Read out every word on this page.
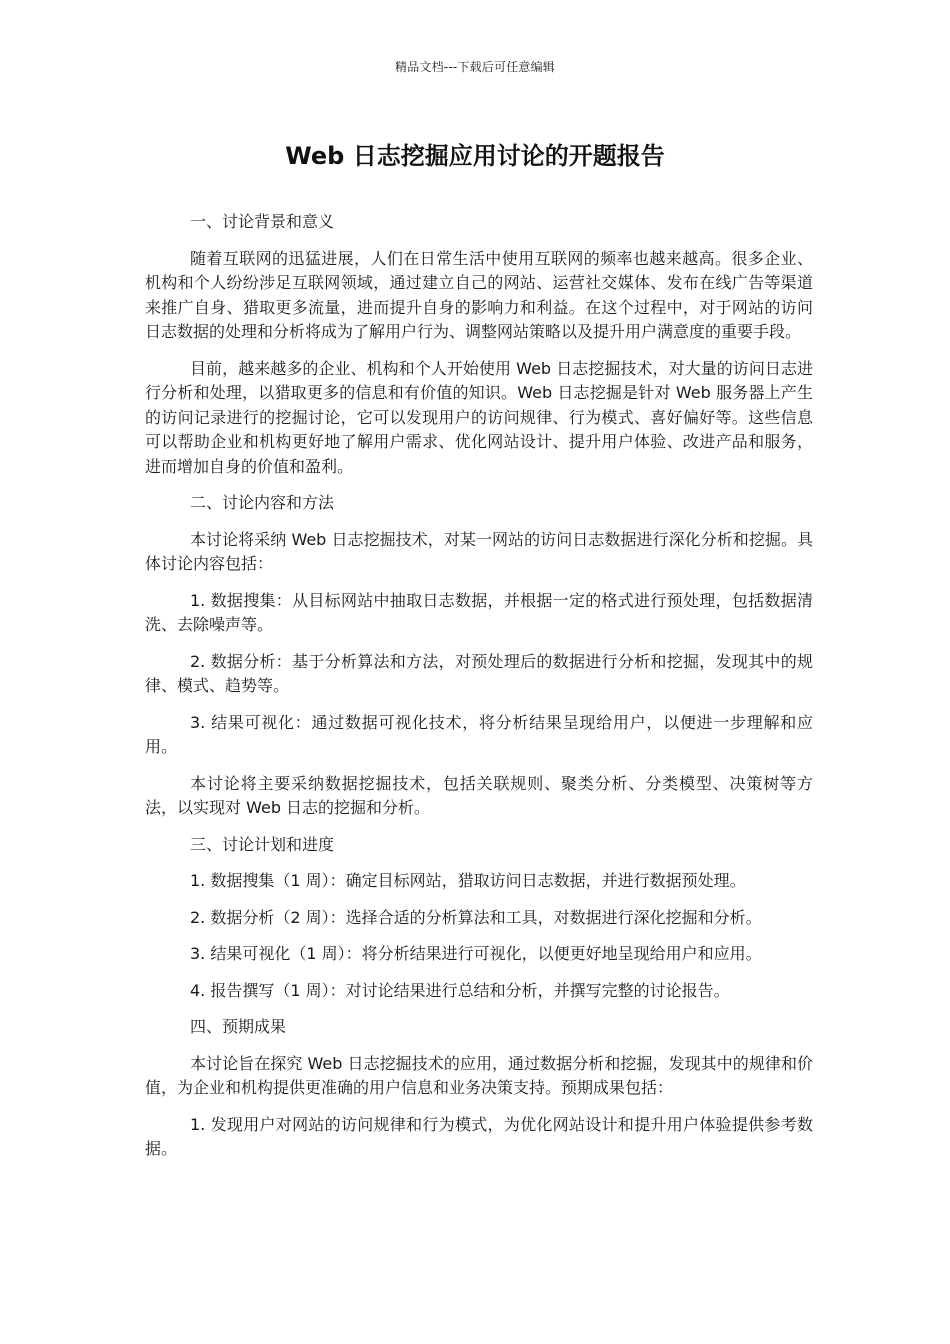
精品文档---下载后可任意编辑
Web 日志挖掘应用讨论的开题报告

一、讨论背景和意义

随着互联网的迅猛进展，人们在日常生活中使用互联网的频率也越来越高。很多企业、机构和个人纷纷涉足互联网领域，通过建立自己的网站、运营社交媒体、发布在线广告等渠道来推广自身、猎取更多流量，进而提升自身的影响力和利益。在这个过程中，对于网站的访问日志数据的处理和分析将成为了解用户行为、调整网站策略以及提升用户满意度的重要手段。

目前，越来越多的企业、机构和个人开始使用 Web 日志挖掘技术，对大量的访问日志进行分析和处理，以猎取更多的信息和有价值的知识。Web 日志挖掘是针对 Web 服务器上产生的访问记录进行的挖掘讨论，它可以发现用户的访问规律、行为模式、喜好偏好等。这些信息可以帮助企业和机构更好地了解用户需求、优化网站设计、提升用户体验、改进产品和服务，进而增加自身的价值和盈利。

二、讨论内容和方法

本讨论将采纳 Web 日志挖掘技术，对某一网站的访问日志数据进行深化分析和挖掘。具体讨论内容包括：

1. 数据搜集：从目标网站中抽取日志数据，并根据一定的格式进行预处理，包括数据清洗、去除噪声等。

2. 数据分析：基于分析算法和方法，对预处理后的数据进行分析和挖掘，发现其中的规律、模式、趋势等。

3. 结果可视化：通过数据可视化技术，将分析结果呈现给用户，以便进一步理解和应用。

本讨论将主要采纳数据挖掘技术，包括关联规则、聚类分析、分类模型、决策树等方法，以实现对 Web 日志的挖掘和分析。

三、讨论计划和进度

1. 数据搜集（1 周）：确定目标网站，猎取访问日志数据，并进行数据预处理。

2. 数据分析（2 周）：选择合适的分析算法和工具，对数据进行深化挖掘和分析。

3. 结果可视化（1 周）：将分析结果进行可视化，以便更好地呈现给用户和应用。

4. 报告撰写（1 周）：对讨论结果进行总结和分析，并撰写完整的讨论报告。

四、预期成果

本讨论旨在探究 Web 日志挖掘技术的应用，通过数据分析和挖掘，发现其中的规律和价值，为企业和机构提供更准确的用户信息和业务决策支持。预期成果包括：

1. 发现用户对网站的访问规律和行为模式，为优化网站设计和提升用户体验提供参考数据。
